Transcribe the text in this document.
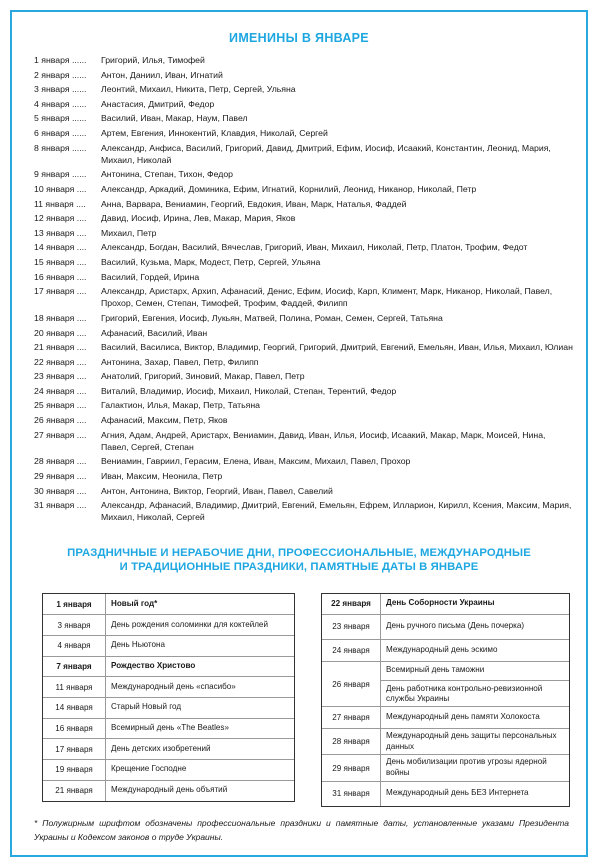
ИМЕНИНЫ В ЯНВАРЕ
1 января ......	Григорий, Илья, Тимофей
2 января ......	Антон, Даниил, Иван, Игнатий
3 января ......	Леонтий, Михаил, Никита, Петр, Сергей, Ульяна
4 января ......	Анастасия, Дмитрий, Федор
5 января ......	Василий, Иван, Макар, Наум, Павел
6 января ......	Артем, Евгения, Иннокентий, Клавдия, Николай, Сергей
8 января ......	Александр, Анфиса, Василий, Григорий, Давид, Дмитрий, Ефим, Иосиф, Исаакий, Константин, Леонид, Мария, Михаил, Николай
9 января ......	Антонина, Степан, Тихон, Федор
10 января ....	Александр, Аркадий, Доминика, Ефим, Игнатий, Корнилий, Леонид, Никанор, Николай, Петр
11 января ....	Анна, Варвара, Вениамин, Георгий, Евдокия, Иван, Марк, Наталья, Фаддей
12 января ....	Давид, Иосиф, Ирина, Лев, Макар, Мария, Яков
13 января ....	Михаил, Петр
14 января ....	Александр, Богдан, Василий, Вячеслав, Григорий, Иван, Михаил, Николай, Петр, Платон, Трофим, Федот
15 января ....	Василий, Кузьма, Марк, Модест, Петр, Сергей, Ульяна
16 января ....	Василий, Гордей, Ирина
17 января ....	Александр, Аристарх, Архип, Афанасий, Денис, Ефим, Иосиф, Карп, Климент, Марк, Никанор, Николай, Павел, Прохор, Семен, Степан, Тимофей, Трофим, Фаддей, Филипп
18 января ....	Григорий, Евгения, Иосиф, Лукьян, Матвей, Полина, Роман, Семен, Сергей, Татьяна
20 января ....	Афанасий, Василий, Иван
21 января ....	Василий, Василиса, Виктор, Владимир, Георгий, Григорий, Дмитрий, Евгений, Емельян, Иван, Илья, Михаил, Юлиан
22 января ....	Антонина, Захар, Павел, Петр, Филипп
23 января ....	Анатолий, Григорий, Зиновий, Макар, Павел, Петр
24 января ....	Виталий, Владимир, Иосиф, Михаил, Николай, Степан, Терентий, Федор
25 января ....	Галактион, Илья, Макар, Петр, Татьяна
26 января ....	Афанасий, Максим, Петр, Яков
27 января ....	Агния, Адам, Андрей, Аристарх, Вениамин, Давид, Иван, Илья, Иосиф, Исаакий, Макар, Марк, Моисей, Нина, Павел, Сергей, Степан
28 января ....	Вениамин, Гавриил, Герасим, Елена, Иван, Максим, Михаил, Павел, Прохор
29 января ....	Иван, Максим, Неонила, Петр
30 января ....	Антон, Антонина, Виктор, Георгий, Иван, Павел, Савелий
31 января ....	Александр, Афанасий, Владимир, Дмитрий, Евгений, Емельян, Ефрем, Илларион, Кирилл, Ксения, Максим, Мария, Михаил, Николай, Сергей
ПРАЗДНИЧНЫЕ И НЕРАБОЧИЕ ДНИ, ПРОФЕССИОНАЛЬНЫЕ, МЕЖДУНАРОДНЫЕ
И ТРАДИЦИОННЫЕ ПРАЗДНИКИ, ПАМЯТНЫЕ ДАТЫ В ЯНВАРЕ
1 января	Новый год*
3 января	День рождения соломинки для коктейлей
4 января	День Ньютона
7 января	Рождество Христово
11 января	Международный день «спасибо»
14 января	Старый Новый год
16 января	Всемирный день «The Beatles»
17 января	День детских изобретений
19 января	Крещение Господне
21 января	Международный день объятий
22 января	День Соборности Украины
23 января	День ручного письма (День почерка)
24 января	Международный день эскимо
26 января	Всемирный день таможни
День работника контрольно-ревизионной службы Украины

27 января	Международный день памяти Холокоста
28 января	Международный день защиты персональных данных
29 января	День мобилизации против угрозы ядерной войны
31 января	Международный день БЕЗ Интернета
* Полужирным шрифтом обозначены профессиональные праздники и памятные даты, установленные указами Президента Украины и Кодексом законов о труде Украины.
